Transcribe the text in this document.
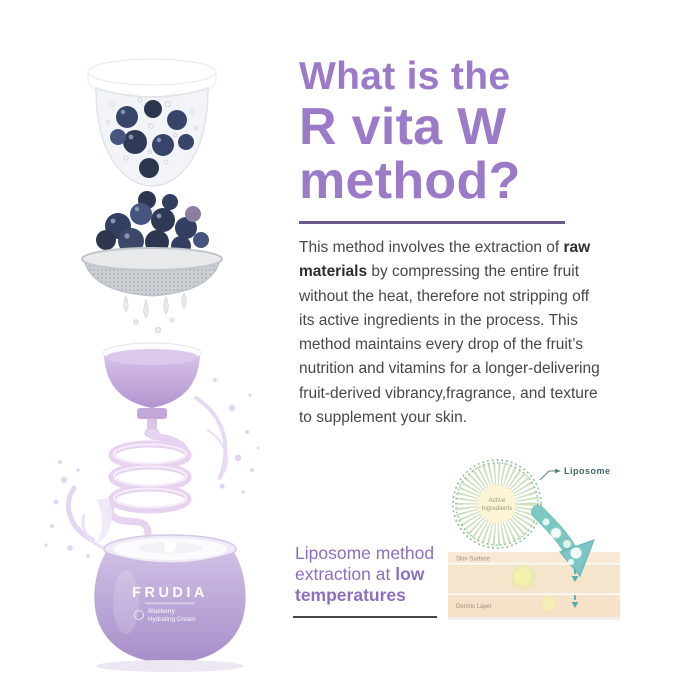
FRUDIA
Blueberry
Hydrating Cream
What is the
R vita W
method?
This method involves the extraction of raw
materials by compressing the entire fruit
without the heat, therefore not stripping off
its active ingredients in the process. This
method maintains every drop of the fruit’s
nutrition and vitamins for a longer-delivering
fruit-derived vibrancy,fragrance, and texture
to supplement your skin.
Liposome method
extraction at low
temperatures
Skin Surface
Dermis Layer
Active
Ingredients
Liposome
